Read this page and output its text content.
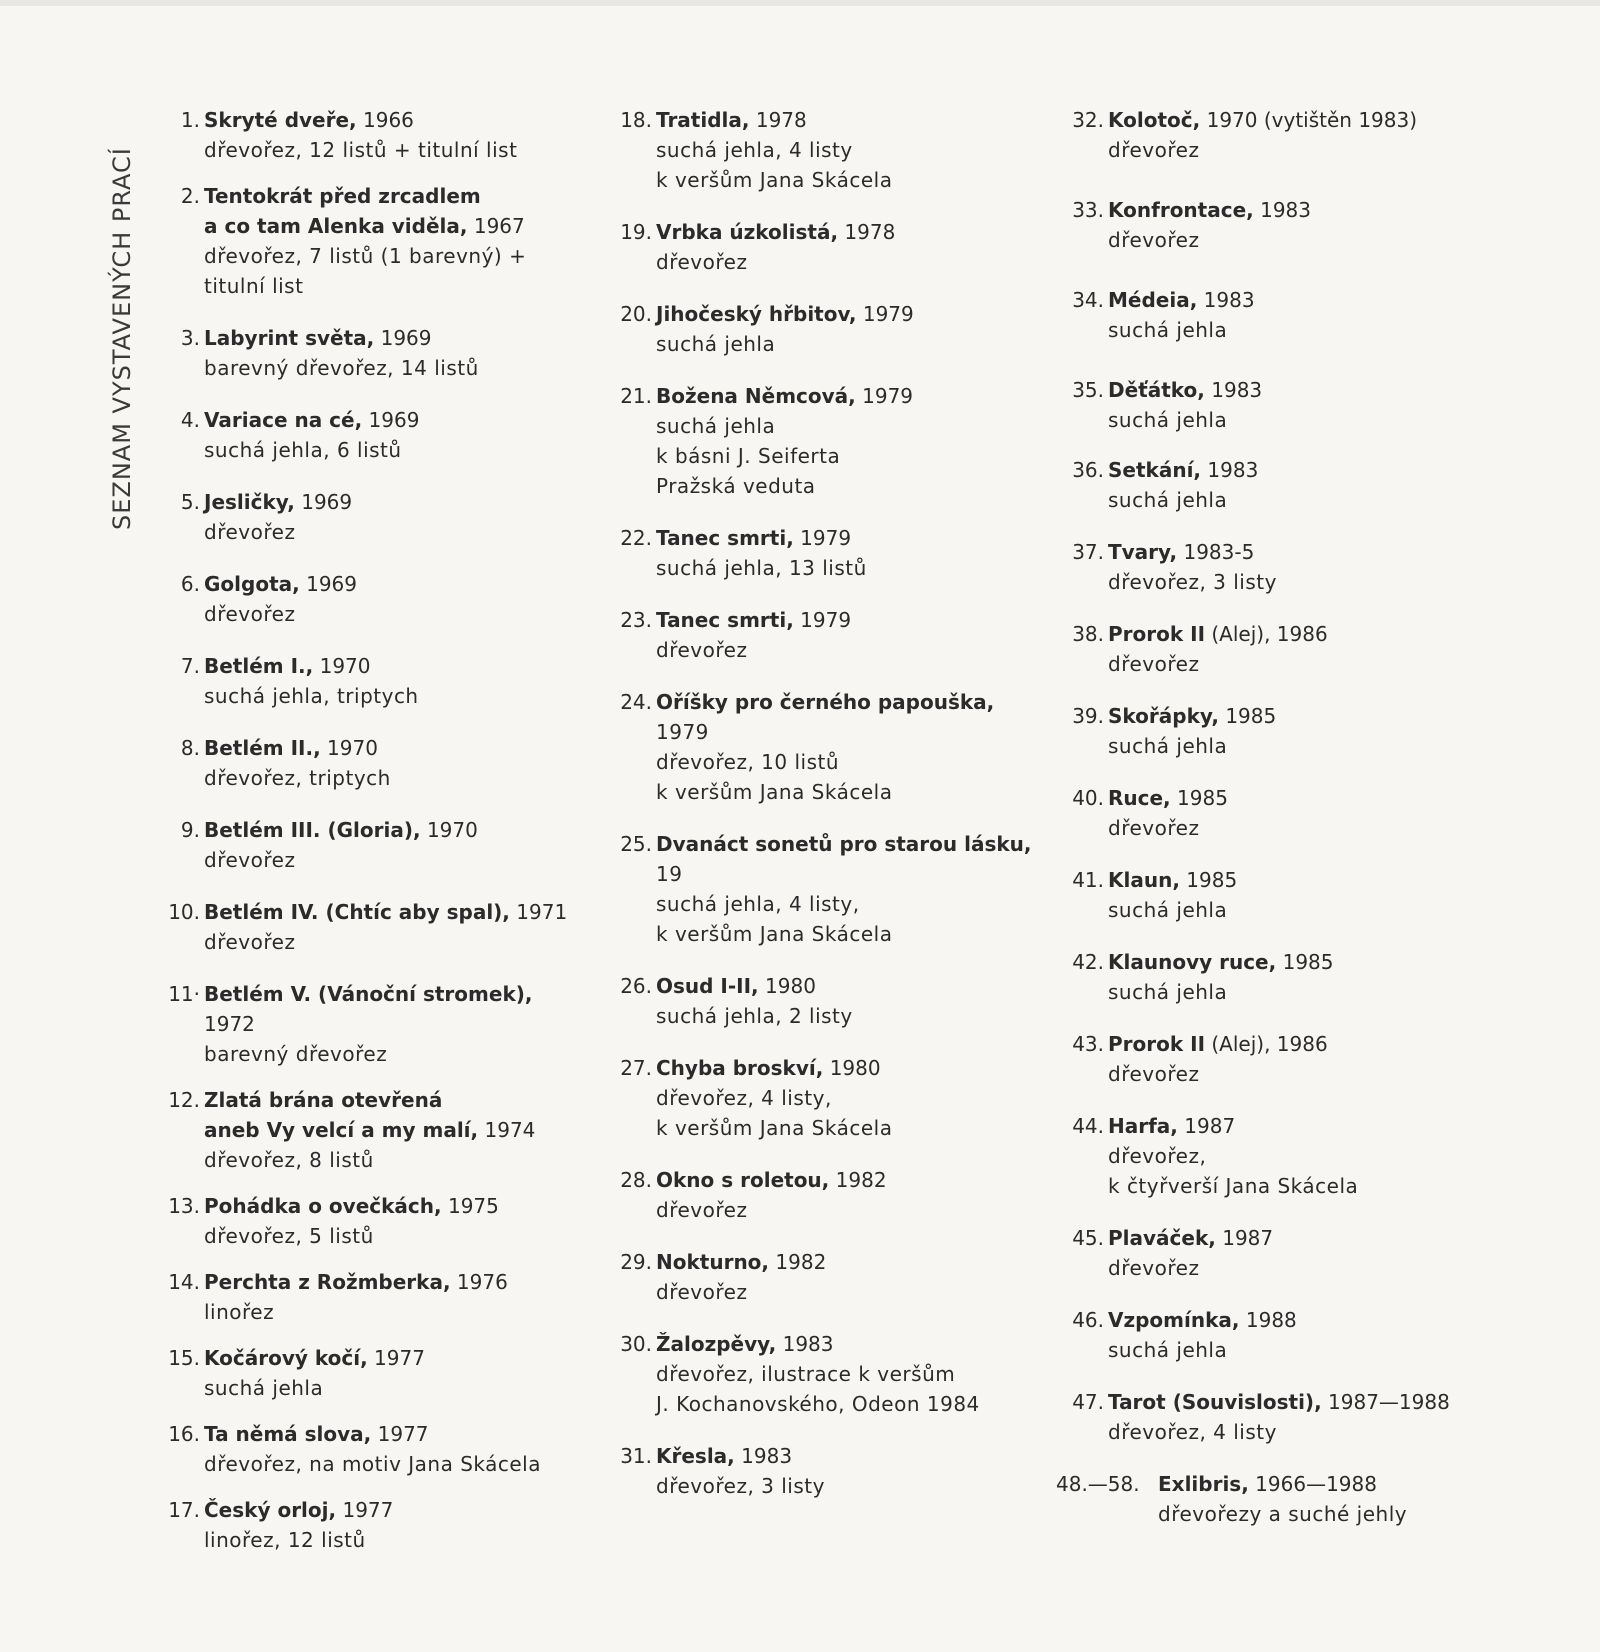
SEZNAM VYSTAVENÝCH PRACÍ
1. Skryté dveře, 1966
dřevořez, 12 listů + titulní list
2. Tentokrát před zrcadlem
a co tam Alenka viděla, 1967
dřevořez, 7 listů (1 barevný) +
titulní list
3. Labyrint světa, 1969
barevný dřevořez, 14 listů
4. Variace na cé, 1969
suchá jehla, 6 listů
5. Jesličky, 1969
dřevořez
6. Golgota, 1969
dřevořez
7. Betlém I., 1970
suchá jehla, triptych
8. Betlém II., 1970
dřevořez, triptych
9. Betlém III. (Gloria), 1970
dřevořez
10. Betlém IV. (Chtíc aby spal), 1971
dřevořez
11· Betlém V. (Vánoční stromek), 1972
barevný dřevořez
12. Zlatá brána otevřená
aneb Vy velcí a my malí, 1974
dřevořez, 8 listů
13. Pohádka o ovečkách, 1975
dřevořez, 5 listů
14. Perchta z Rožmberka, 1976
linořez
15. Kočárový kočí, 1977
suchá jehla
16. Ta němá slova, 1977
dřevořez, na motiv Jana Skácela
17. Český orloj, 1977
linořez, 12 listů
18. Tratidla, 1978
suchá jehla, 4 listy
k veršům Jana Skácela
19. Vrbka úzkolistá, 1978
dřevořez
20. Jihočeský hřbitov, 1979
suchá jehla
21. Božena Němcová, 1979
suchá jehla
k básni J. Seiferta
Pražská veduta
22. Tanec smrti, 1979
suchá jehla, 13 listů
23. Tanec smrti, 1979
dřevořez
24. Oříšky pro černého papouška,
1979
dřevořez, 10 listů
k veršům Jana Skácela
25. Dvanáct sonetů pro starou lásku,
19
suchá jehla, 4 listy,
k veršům Jana Skácela
26. Osud I-II, 1980
suchá jehla, 2 listy
27. Chyba broskví, 1980
dřevořez, 4 listy,
k veršům Jana Skácela
28. Okno s roletou, 1982
dřevořez
29. Nokturno, 1982
dřevořez
30. Žalozpěvy, 1983
dřevořez, ilustrace k veršům
J. Kochanovského, Odeon 1984
31. Křesla, 1983
dřevořez, 3 listy
32. Kolotoč, 1970 (vytištěn 1983)
dřevořez
33. Konfrontace, 1983
dřevořez
34. Médeia, 1983
suchá jehla
35. Děťátko, 1983
suchá jehla
36. Setkání, 1983
suchá jehla
37. Tvary, 1983-5
dřevořez, 3 listy
38. Prorok II (Alej), 1986
dřevořez
39. Skořápky, 1985
suchá jehla
40. Ruce, 1985
dřevořez
41. Klaun, 1985
suchá jehla
42. Klaunovy ruce, 1985
suchá jehla
43. Prorok II (Alej), 1986
dřevořez
44. Harfa, 1987
dřevořez,
k čtyřverší Jana Skácela
45. Plaváček, 1987
dřevořez
46. Vzpomínka, 1988
suchá jehla
47. Tarot (Souvislosti), 1987—1988
dřevořez, 4 listy
48.—58. Exlibris, 1966—1988
dřevořezy a suché jehly
